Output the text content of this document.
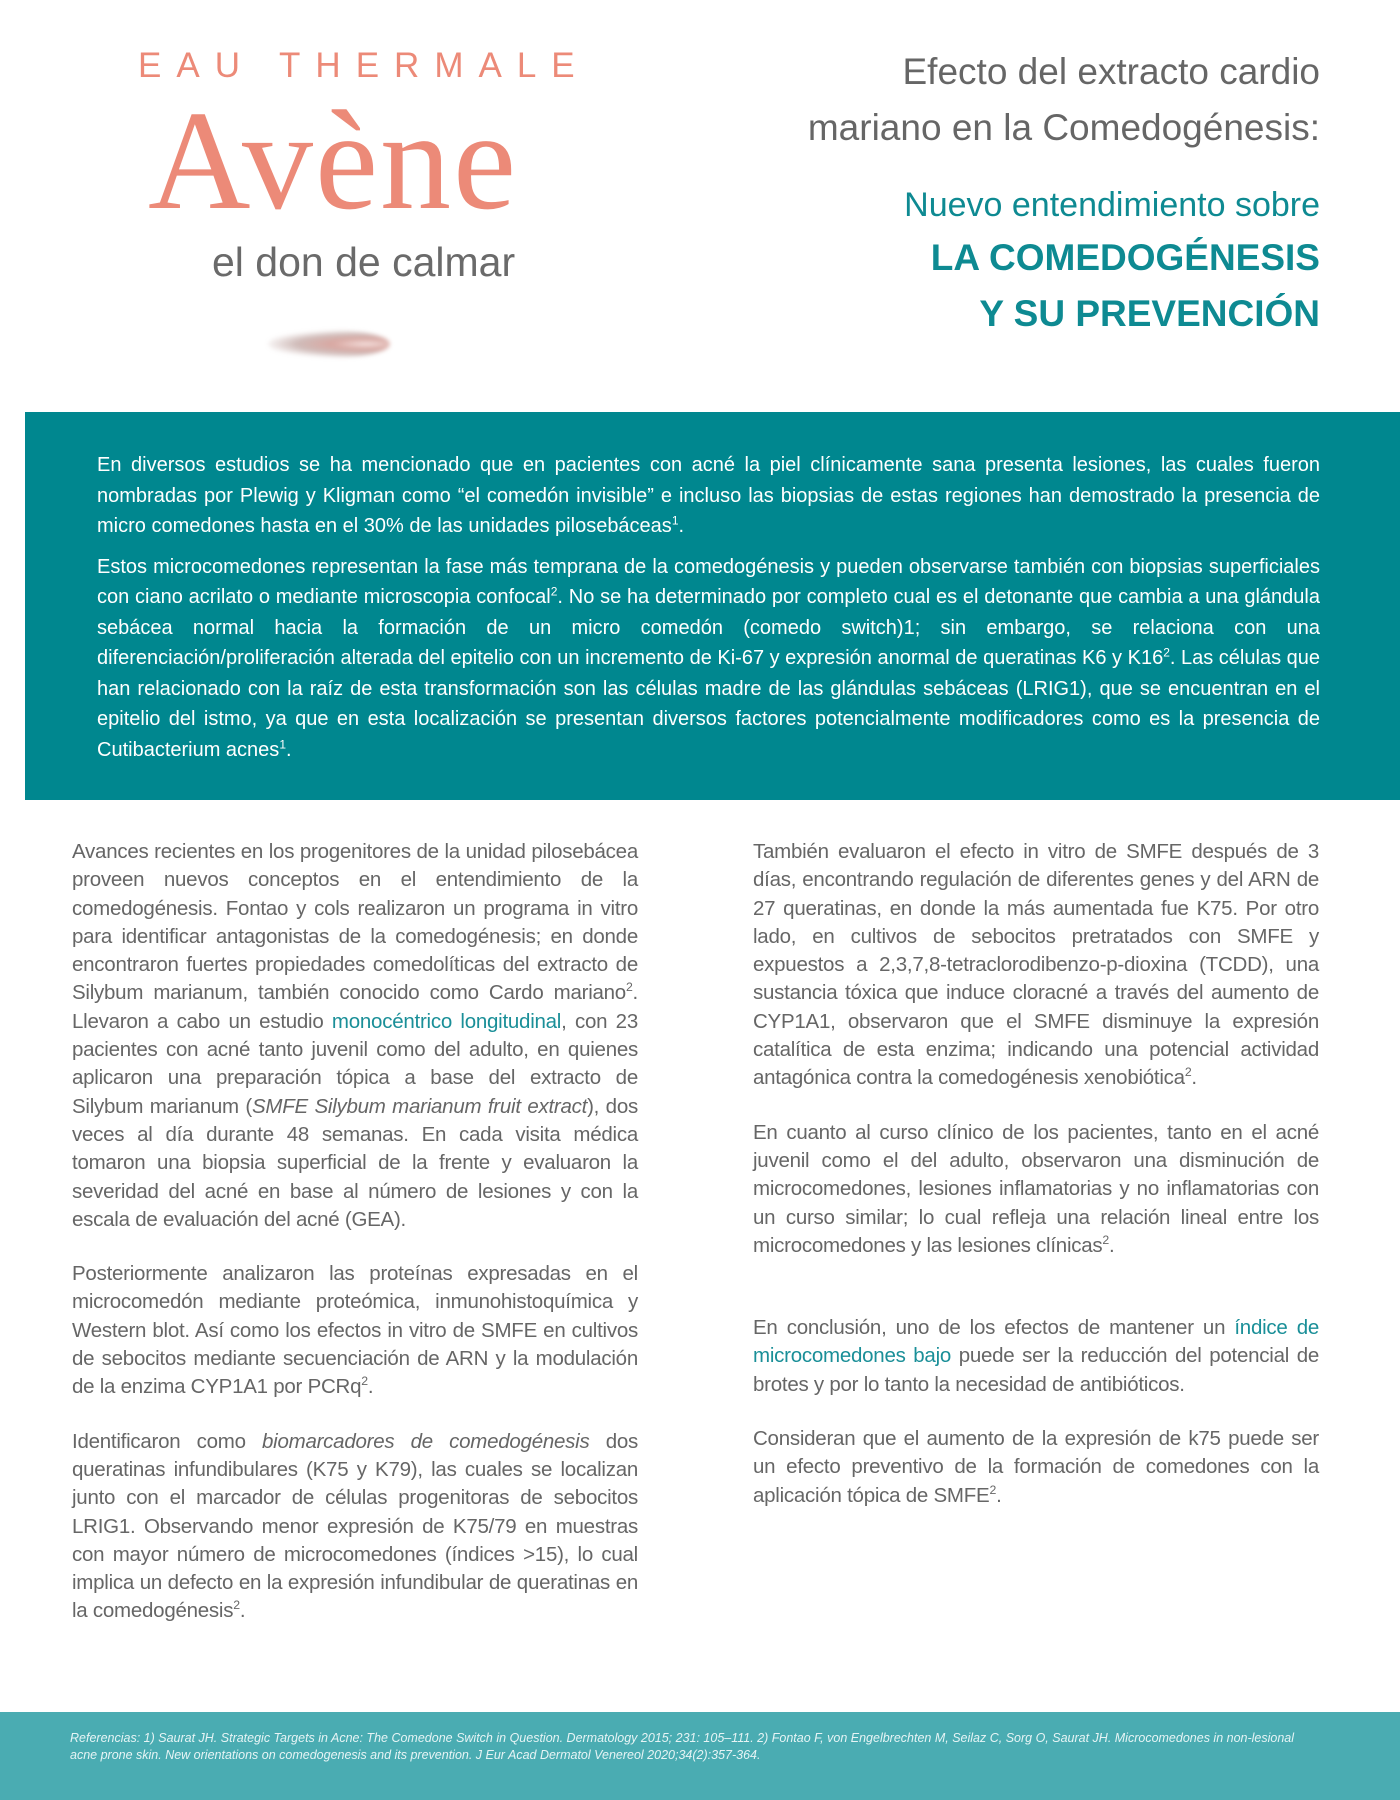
EAU THERMALE
Avène
el don de calmar
Efecto del extracto cardio
mariano en la Comedogénesis:
Nuevo entendimiento sobre
LA COMEDOGÉNESIS
Y SU PREVENCIÓN

En diversos estudios se ha mencionado que en pacientes con acné la piel clínicamente sana presenta lesiones, las cuales fueron nombradas por Plewig y Kligman como “el comedón invisible” e incluso las biopsias de estas regiones han demostrado la presencia de micro comedones hasta en el 30% de las unidades pilosebáceas$^1$.

Estos microcomedones representan la fase más temprana de la comedogénesis y pueden observarse también con biopsias superficiales con ciano acrilato o mediante microscopia confocal$^2$. No se ha determinado por completo cual es el detonante que cambia a una glándula sebácea normal hacia la formación de un micro comedón (comedo switch)1; sin embargo, se relaciona con una diferenciación/proliferación alterada del epitelio con un incremento de Ki-67 y expresión anormal de queratinas K6 y $K16^2$. Las células que han relacionado con la raíz de esta transformación son las células madre de las glándulas sebáceas (LRIG1), que se encuentran en el epitelio del istmo, ya que en esta localización se presentan diversos factores potencialmente modificadores como es la presencia de Cutibacterium acnes$^1$.

Avances recientes en los progenitores de la unidad pilosebácea proveen nuevos conceptos en el entendimiento de la comedogénesis. Fontao y cols realizaron un programa in vitro para identificar antagonistas de la comedogénesis; en donde encontraron fuertes propiedades comedolíticas del extracto de Silybum marianum, también conocido como Cardo mariano$^2$. Llevaron a cabo un estudio monocéntrico longitudinal, con 23 pacientes con acné tanto juvenil como del adulto, en quienes aplicaron una preparación tópica a base del extracto de Silybum marianum (SMFE Silybum marianum fruit extract), dos veces al día durante 48 semanas. En cada visita médica tomaron una biopsia superficial de la frente y evaluaron la severidad del acné en base al número de lesiones y con la escala de evaluación del acné (GEA).

Posteriormente analizaron las proteínas expresadas en el microcomedón mediante proteómica, inmunohistoquímica y Western blot. Así como los efectos in vitro de SMFE en cultivos de sebocitos mediante secuenciación de ARN y la modulación de la enzima CYP1A1 por PCRq$^2$.

Identificaron como biomarcadores de comedogénesis dos queratinas infundibulares (K75 y K79), las cuales se localizan junto con el marcador de células progenitoras de sebocitos LRIG1. Observando menor expresión de K75/79 en muestras con mayor número de microcomedones (índices >15), lo cual implica un defecto en la expresión infundibular de queratinas en la comedogénesis$^2$.

También evaluaron el efecto in vitro de SMFE después de 3 días, encontrando regulación de diferentes genes y del ARN de 27 queratinas, en donde la más aumentada fue K75. Por otro lado, en cultivos de sebocitos pretratados con SMFE y expuestos a 2,3,7,8-tetraclorodibenzo-p-dioxina (TCDD), una sustancia tóxica que induce cloracné a través del aumento de CYP1A1, observaron que el SMFE disminuye la expresión catalítica de esta enzima; indicando una potencial actividad antagónica contra la comedogénesis xenobiótica$^2$.

En cuanto al curso clínico de los pacientes, tanto en el acné juvenil como el del adulto, observaron una disminución de microcomedones, lesiones inflamatorias y no inflamatorias con un curso similar; lo cual refleja una relación lineal entre los microcomedones y las lesiones clínicas$^2$.

En conclusión, uno de los efectos de mantener un índice de microcomedones bajo puede ser la reducción del potencial de brotes y por lo tanto la necesidad de antibióticos.

Consideran que el aumento de la expresión de k75 puede ser un efecto preventivo de la formación de comedones con la aplicación tópica de SMFE$^2$.

Referencias: 1) Saurat JH. Strategic Targets in Acne: The Comedone Switch in Question. Dermatology 2015; 231: 105–111. 2) Fontao F, von Engelbrechten M, Seilaz C, Sorg O, Saurat JH. Microcomedones in non-lesional acne prone skin. New orientations on comedogenesis and its prevention. J Eur Acad Dermatol Venereol 2020;34(2):357-364.
